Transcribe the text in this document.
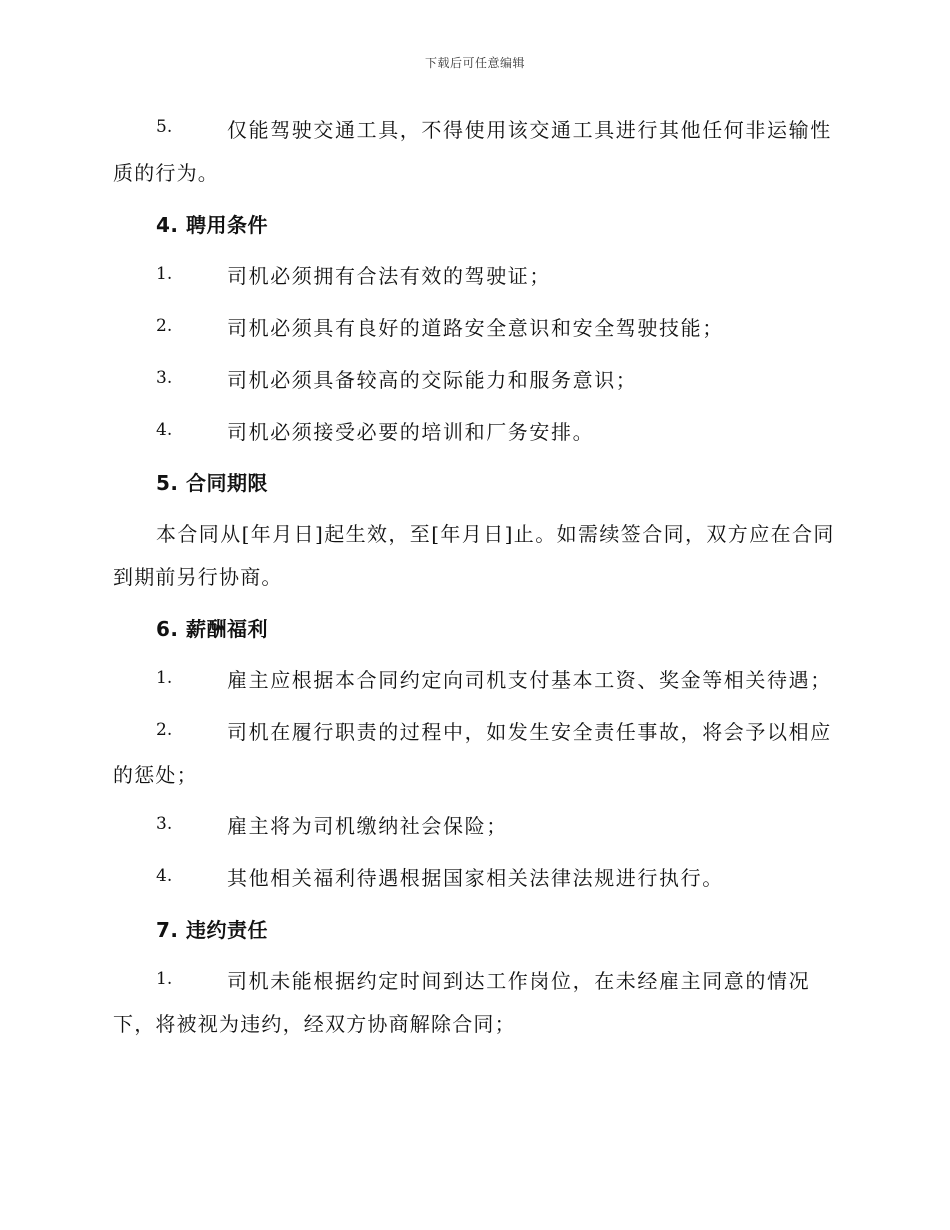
下载后可任意编辑
5.	仅能驾驶交通工具，不得使用该交通工具进行其他任何非运输性
质的行为。
4. 聘用条件
1.	司机必须拥有合法有效的驾驶证；
2.	司机必须具有良好的道路安全意识和安全驾驶技能；
3.	司机必须具备较高的交际能力和服务意识；
4.	司机必须接受必要的培训和厂务安排。
5. 合同期限
本合同从[年月日]起生效，至[年月日]止。如需续签合同，双方应在合同
到期前另行协商。
6. 薪酬福利
1.	雇主应根据本合同约定向司机支付基本工资、奖金等相关待遇；
2.	司机在履行职责的过程中，如发生安全责任事故，将会予以相应
的惩处；
3.	雇主将为司机缴纳社会保险；
4.	其他相关福利待遇根据国家相关法律法规进行执行。
7. 违约责任
1.	司机未能根据约定时间到达工作岗位，在未经雇主同意的情况
下，将被视为违约，经双方协商解除合同；
